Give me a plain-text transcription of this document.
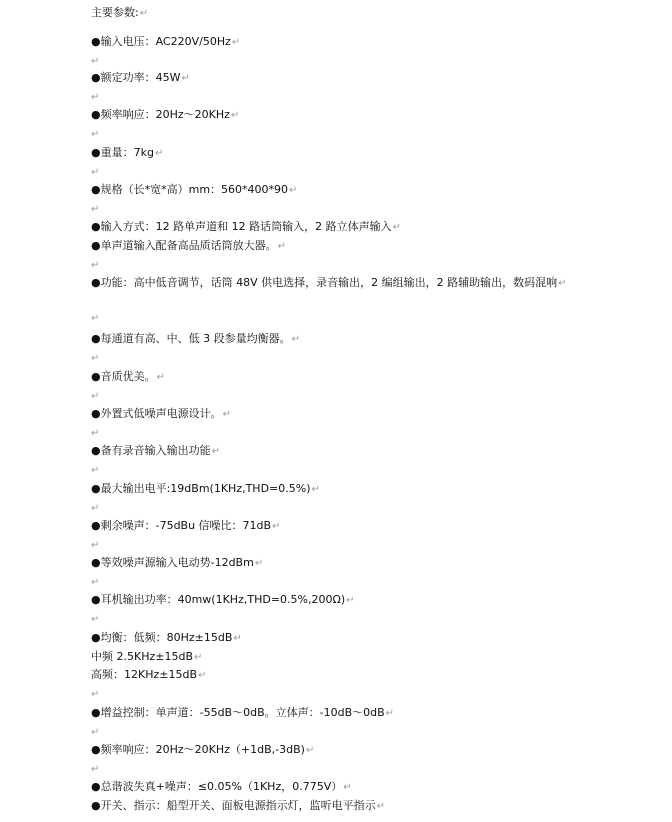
主要参数:↵
●输入电压：AC220V/50Hz↵
↵
●额定功率：45W↵
↵
●频率响应：20Hz～20KHz↵
↵
●重量：7kg↵
↵
●规格（长*宽*高）mm：560*400*90↵
↵
●输入方式：12 路单声道和 12 路话筒输入，2 路立体声输入↵
●单声道输入配备高品质话筒放大器。↵
↵
●功能：高中低音调节，话筒 48V 供电选择，录音输出，2 编组输出，2 路辅助输出，数码混响↵
↵
●每通道有高、中、低 3 段参量均衡器。↵
↵
●音质优美。↵
↵
●外置式低噪声电源设计。↵
↵
●备有录音输入输出功能↵
↵
●最大输出电平:19dBm(1KHz,THD=0.5%)↵
↵
●剩余噪声：-75dBu 信噪比：71dB↵
↵
●等效噪声源输入电动势-12dBm↵
↵
●耳机输出功率：40mw(1KHz,THD=0.5%,200Ω)↵
↵
●均衡：低频：80Hz±15dB↵
中频 2.5KHz±15dB↵
高频：12KHz±15dB↵
↵
●增益控制：单声道：-55dB～0dB。立体声：-10dB～0dB↵
↵
●频率响应：20Hz～20KHz（+1dB,-3dB)↵
↵
●总谐波失真+噪声：≤0.05%（1KHz，0.775V）↵
●开关、指示：船型开关、面板电源指示灯，监听电平指示↵
